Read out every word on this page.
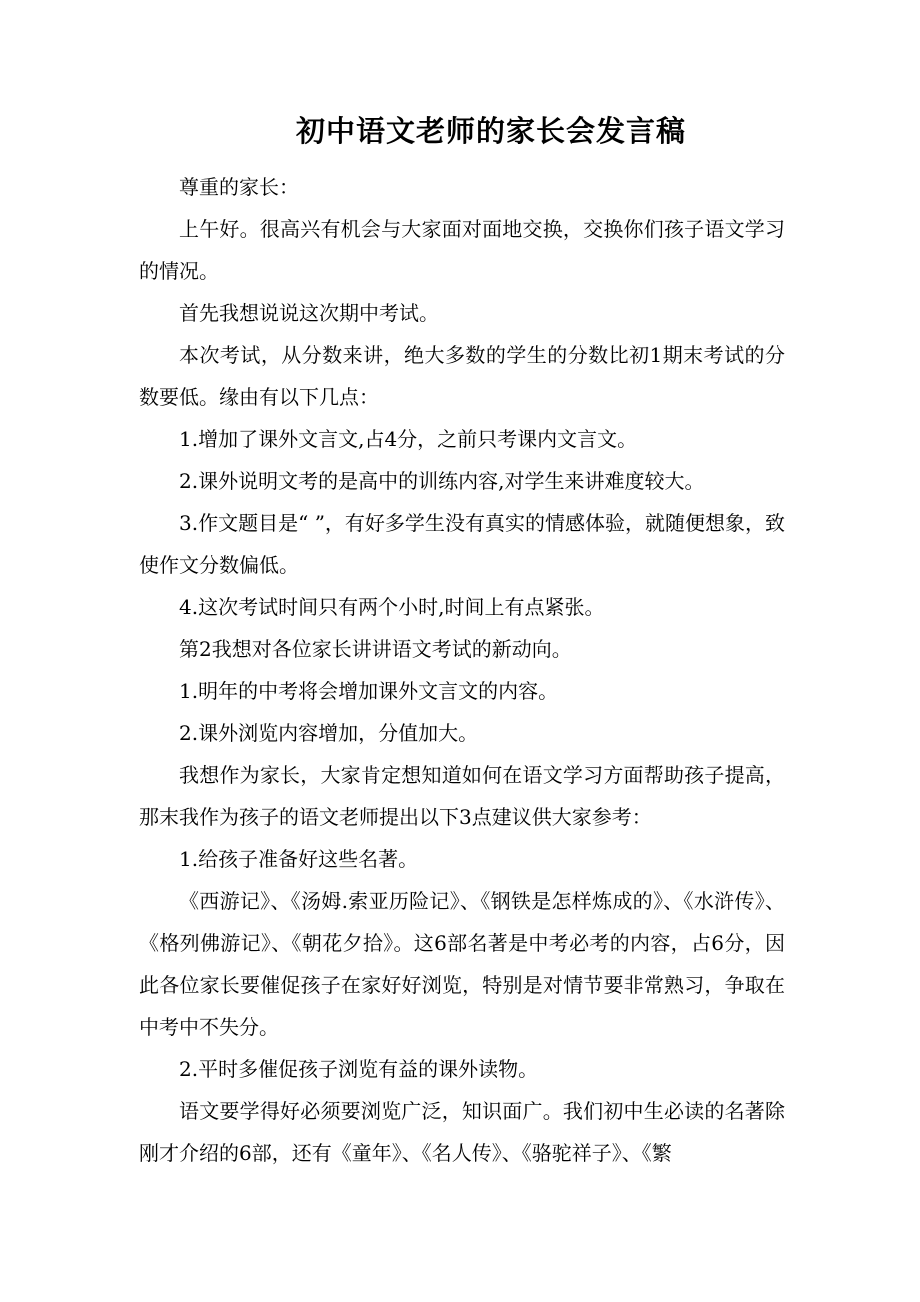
初中语文老师的家长会发言稿

尊重的家长：

上午好。很高兴有机会与大家面对面地交换，交换你们孩子语文学习的情况。

首先我想说说这次期中考试。

本次考试，从分数来讲，绝大多数的学生的分数比初1期末考试的分数要低。缘由有以下几点：

1.增加了课外文言文,占4分，之前只考课内文言文。

2.课外说明文考的是高中的训练内容,对学生来讲难度较大。

3.作文题目是“ ”，有好多学生没有真实的情感体验，就随便想象，致使作文分数偏低。

4.这次考试时间只有两个小时,时间上有点紧张。

第2我想对各位家长讲讲语文考试的新动向。

1.明年的中考将会增加课外文言文的内容。

2.课外浏览内容增加，分值加大。

我想作为家长，大家肯定想知道如何在语文学习方面帮助孩子提高，那末我作为孩子的语文老师提出以下3点建议供大家参考：

1.给孩子准备好这些名著。

《西游记》、《汤姆.索亚历险记》、《钢铁是怎样炼成的》、《水浒传》、《格列佛游记》、《朝花夕拾》。这6部名著是中考必考的内容，占6分，因此各位家长要催促孩子在家好好浏览，特别是对情节要非常熟习，争取在中考中不失分。

2.平时多催促孩子浏览有益的课外读物。

语文要学得好必须要浏览广泛，知识面广。我们初中生必读的名著除刚才介绍的6部，还有《童年》、《名人传》、《骆驼祥子》、《繁
